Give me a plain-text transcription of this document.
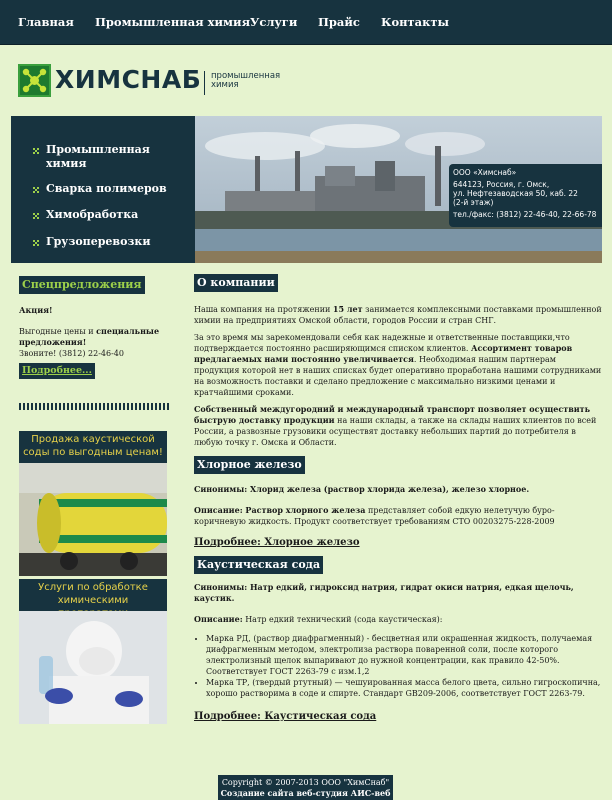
Главная Промышленная химия Услуги Прайс Контакты
ХИМСНАБ промышленная
химия
Промышленная химия
Сварка полимеров
Химобработка
Грузоперевозки
ООО «Химснаб»
644123, Россия, г. Омск,
ул. Нефтезаводская 50, каб. 22
(2-й этаж)
тел./факс: (3812) 22-46-40, 22-66-78
Спецпредложения
Акция!
Выгодные цены и специальные предложения!
Звоните! (3812) 22-46-40
Подробнее...
Продажа каустической соды по выгодным ценам!
Услуги по обработке химическими
О компании
Наша компания на протяжении 15 лет занимается комплексными поставками промышленной химии на предприятиях Омской области, городов России и стран СНГ.
За это время мы зарекомендовали себя как надежные и ответственные поставщики,что подтверждается постоянно расширяющимся списком клиентов. Ассортимент товаров предлагаемых нами постоянно увеличивается. Необходимая нашим партнерам продукция которой нет в наших списках будет оперативно проработана нашими сотрудниками на возможность поставки и сделано предложение с максимально низкими ценами и кратчайшими сроками.
Собственный междугородний и международный транспорт позволяет осуществить быструю доставку продукции на наши склады, а также на склады наших клиентов по всей России, а развозные грузовики осуществят доставку небольших партий до потребителя в любую точку г. Омска и Области.
Хлорное железо
Синонимы: Хлорид железа (раствор хлорида железа), железо хлорное.
Описание: Раствор хлорного железа представляет собой едкую нелетучую буро-коричневую жидкость. Продукт соответствует требованиям СТО 00203275-228-2009
Подробнее: Хлорное железо
Каустическая сода
Синонимы: Натр едкий, гидроксид натрия, гидрат окиси натрия, едкая щелочь, каустик.
Описание: Натр едкий технический (сода каустическая):
• Марка РД, (раствор диафрагменный) - бесцветная или окрашенная жидкость, получаемая диафрагменным методом, электролиза раствора поваренной соли, после которого электролизный щелок выпаривают до нужной концентрации, как правило 42-50%. Соответствует ГОСТ 2263-79 с изм.1,2
• Марка ТР, (твердый ртутный) — чешуированная масса белого цвета, сильно гигроскопична, хорошо растворима в соде и спирте. Стандарт GB209-2006, соответствует ГОСТ 2263-79.
Подробнее: Каустическая сода
Copyright © 2007-2013 ООО "ХимСнаб"
Создание сайта веб-студия АИС-веб
